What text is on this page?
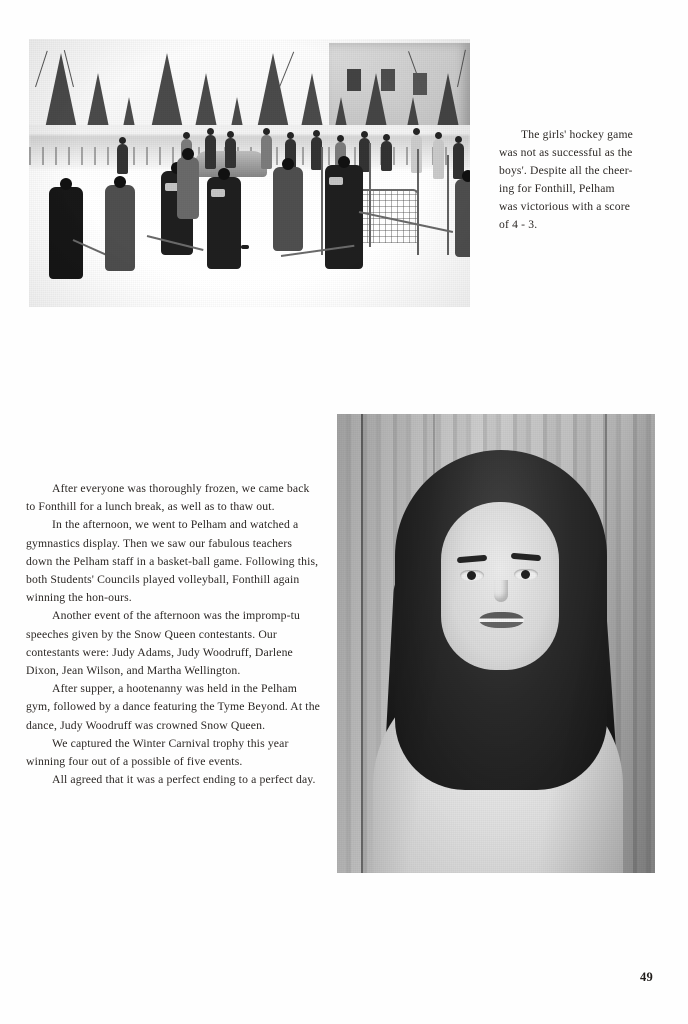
The girls' hockey game
was not as successful as the
boys'. Despite all the cheer-
ing for Fonthill, Pelham
was victorious with a score
of 4 - 3.

After everyone was thoroughly frozen, we came back to Fonthill for a lunch break, as well as to thaw out.

In the afternoon, we went to Pelham and watched a gymnastics display. Then we saw our fabulous teachers down the Pelham staff in a basket-ball game. Following this, both Students' Councils played volleyball, Fonthill again winning the hon-ours.

Another event of the afternoon was the impromp-tu speeches given by the Snow Queen contestants. Our contestants were: Judy Adams, Judy Woodruff, Darlene Dixon, Jean Wilson, and Martha Wellington.

After supper, a hootenanny was held in the Pelham gym, followed by a dance featuring the Tyme Beyond. At the dance, Judy Woodruff was crowned Snow Queen.

We captured the Winter Carnival trophy this year winning four out of a possible of five events.

All agreed that it was a perfect ending to a perfect day.

49
